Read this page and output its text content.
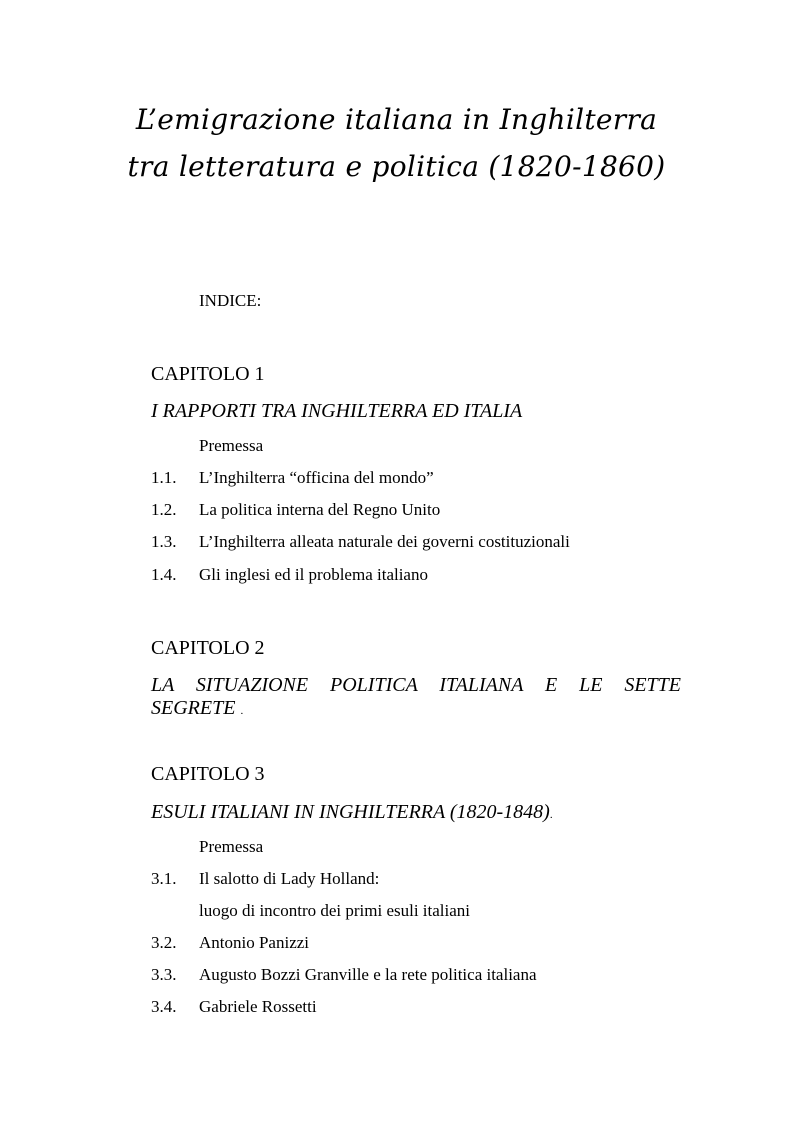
L’emigrazione italiana in Inghilterra
tra letteratura e politica (1820-1860)
INDICE:
CAPITOLO 1
I RAPPORTI TRA INGHILTERRA ED ITALIA
Premessa
1.1. L’Inghilterra “officina del mondo”
1.2. La politica interna del Regno Unito
1.3. L’Inghilterra alleata naturale dei governi costituzionali
1.4. Gli inglesi ed il problema italiano
CAPITOLO 2
LA SITUAZIONE POLITICA ITALIANA E LE SETTE
SEGRETE .
CAPITOLO 3
ESULI ITALIANI IN INGHILTERRA (1820-1848).
Premessa
3.1. Il salotto di Lady Holland:
luogo di incontro dei primi esuli italiani
3.2. Antonio Panizzi
3.3. Augusto Bozzi Granville e la rete politica italiana
3.4. Gabriele Rossetti
